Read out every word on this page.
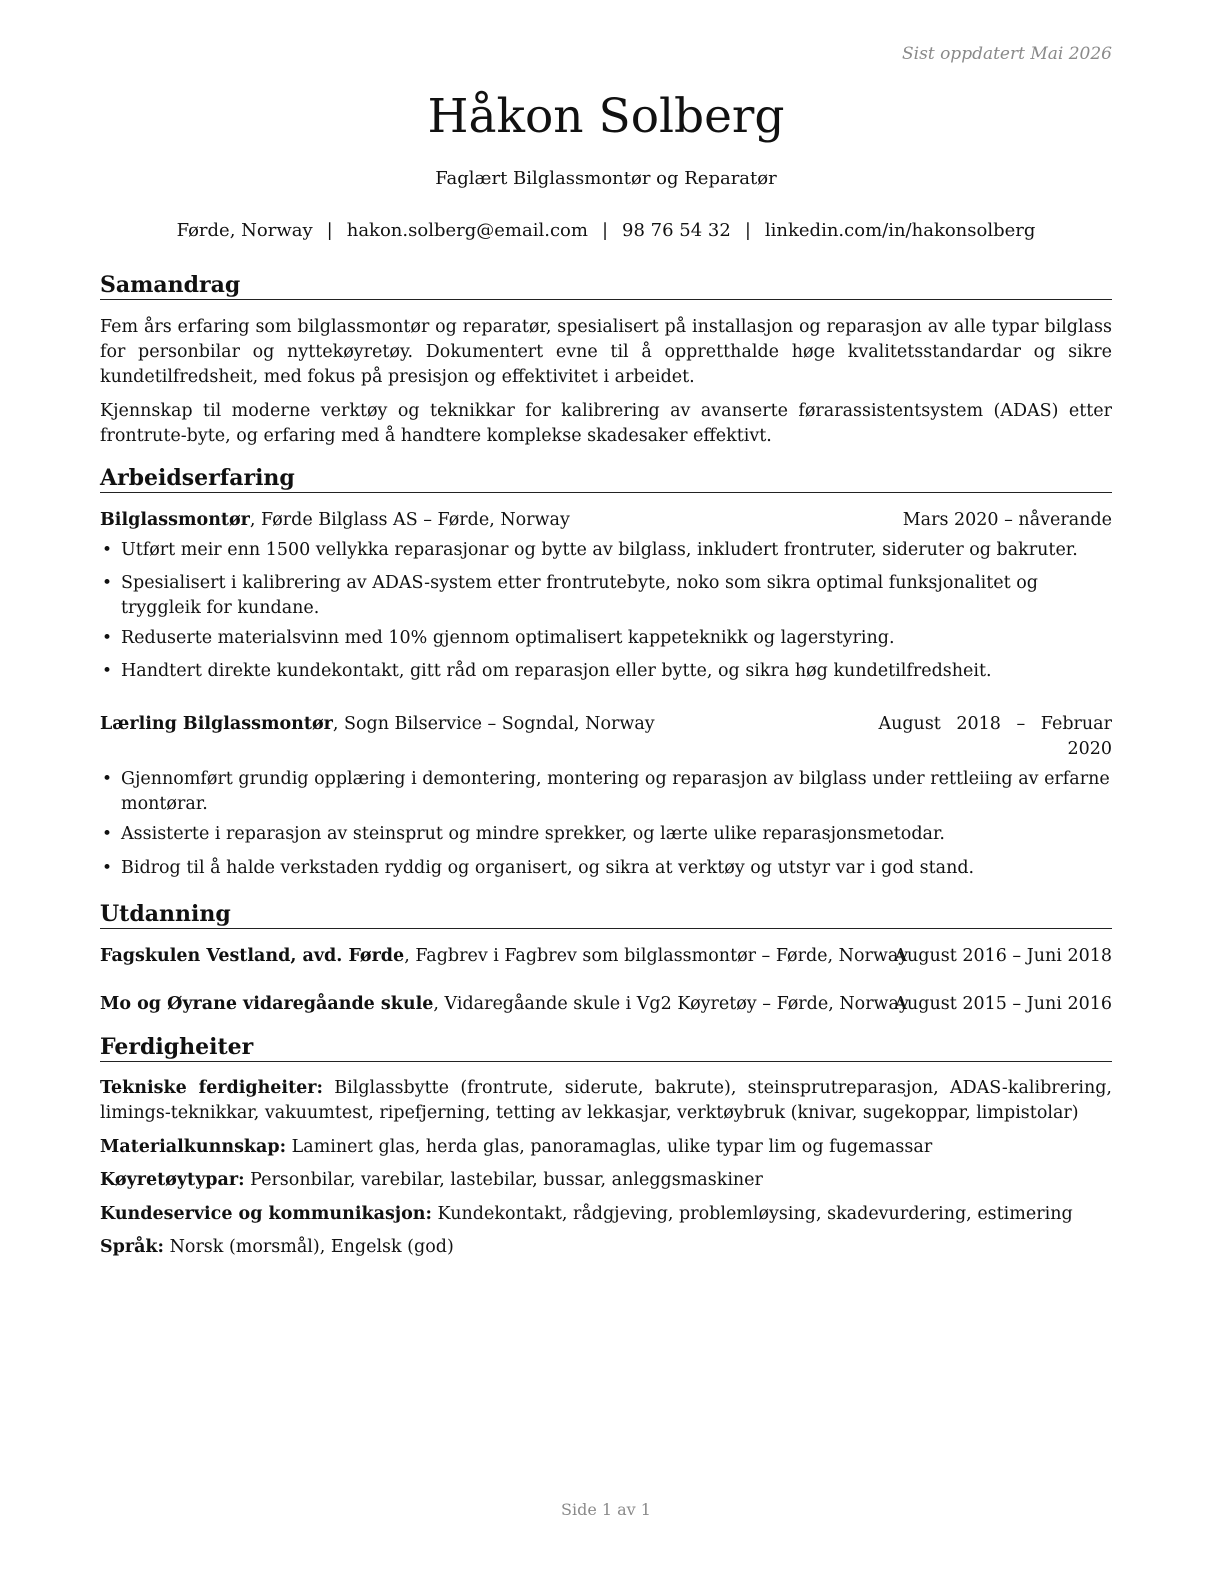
Sist oppdatert Mai 2026
Håkon Solberg
Faglært Bilglassmontør og Reparatør
Førde, Norway | hakon.solberg@email.com | 98 76 54 32 | linkedin.com/in/hakonsolberg
Samandrag
Fem års erfaring som bilglassmontør og reparatør, spesialisert på installasjon og reparasjon av alle typar bilglass for personbilar og nyttekøyretøy. Dokumentert evne til å oppretthalde høge kvalitetsstandardar og sikre kundetilfredsheit, med fokus på presisjon og effektivitet i arbeidet.
Kjennskap til moderne verktøy og teknikkar for kalibrering av avanserte førarassistentsystem (ADAS) etter frontrute-byte, og erfaring med å handtere komplekse skadesaker effektivt.
Arbeidserfaring
Bilglassmontør, Førde Bilglass AS – Førde, Norway	Mars 2020 – nåverande
• Utført meir enn 1500 vellykka reparasjonar og bytte av bilglass, inkludert frontruter, sideruter og bakruter.
• Spesialisert i kalibrering av ADAS-system etter frontrutebyte, noko som sikra optimal funksjonalitet og tryggleik for kundane.
• Reduserte materialsvinn med 10% gjennom optimalisert kappeteknikk og lagerstyring.
• Handtert direkte kundekontakt, gitt råd om reparasjon eller bytte, og sikra høg kundetilfredsheit.
Lærling Bilglassmontør, Sogn Bilservice – Sogndal, Norway	August 2018 – Februar
2020
• Gjennomført grundig opplæring i demontering, montering og reparasjon av bilglass under rettleiing av erfarne montørar.
• Assisterte i reparasjon av steinsprut og mindre sprekker, og lærte ulike reparasjonsmetodar.
• Bidrog til å halde verkstaden ryddig og organisert, og sikra at verktøy og utstyr var i god stand.
Utdanning
Fagskulen Vestland, avd. Førde, Fagbrev i Fagbrev som bilglassmontør – Førde, Norway
August 2016 – Juni 2018
Mo og Øyrane vidaregåande skule, Vidaregåande skule i Vg2 Køyretøy – Førde, Norway
August 2015 – Juni 2016
Ferdigheiter
Tekniske ferdigheiter: Bilglassbytte (frontrute, siderute, bakrute), steinsprutreparasjon, ADAS-kalibrering, limings-teknikkar, vakuumtest, ripefjerning, tetting av lekkasjar, verktøybruk (knivar, sugekoppar, limpistolar)
Materialkunnskap: Laminert glas, herda glas, panoramaglas, ulike typar lim og fugemassar
Køyretøytypar: Personbilar, varebilar, lastebilar, bussar, anleggsmaskiner
Kundeservice og kommunikasjon: Kundekontakt, rådgjeving, problemløysing, skadevurdering, estimering
Språk: Norsk (morsmål), Engelsk (god)
Side 1 av 1
